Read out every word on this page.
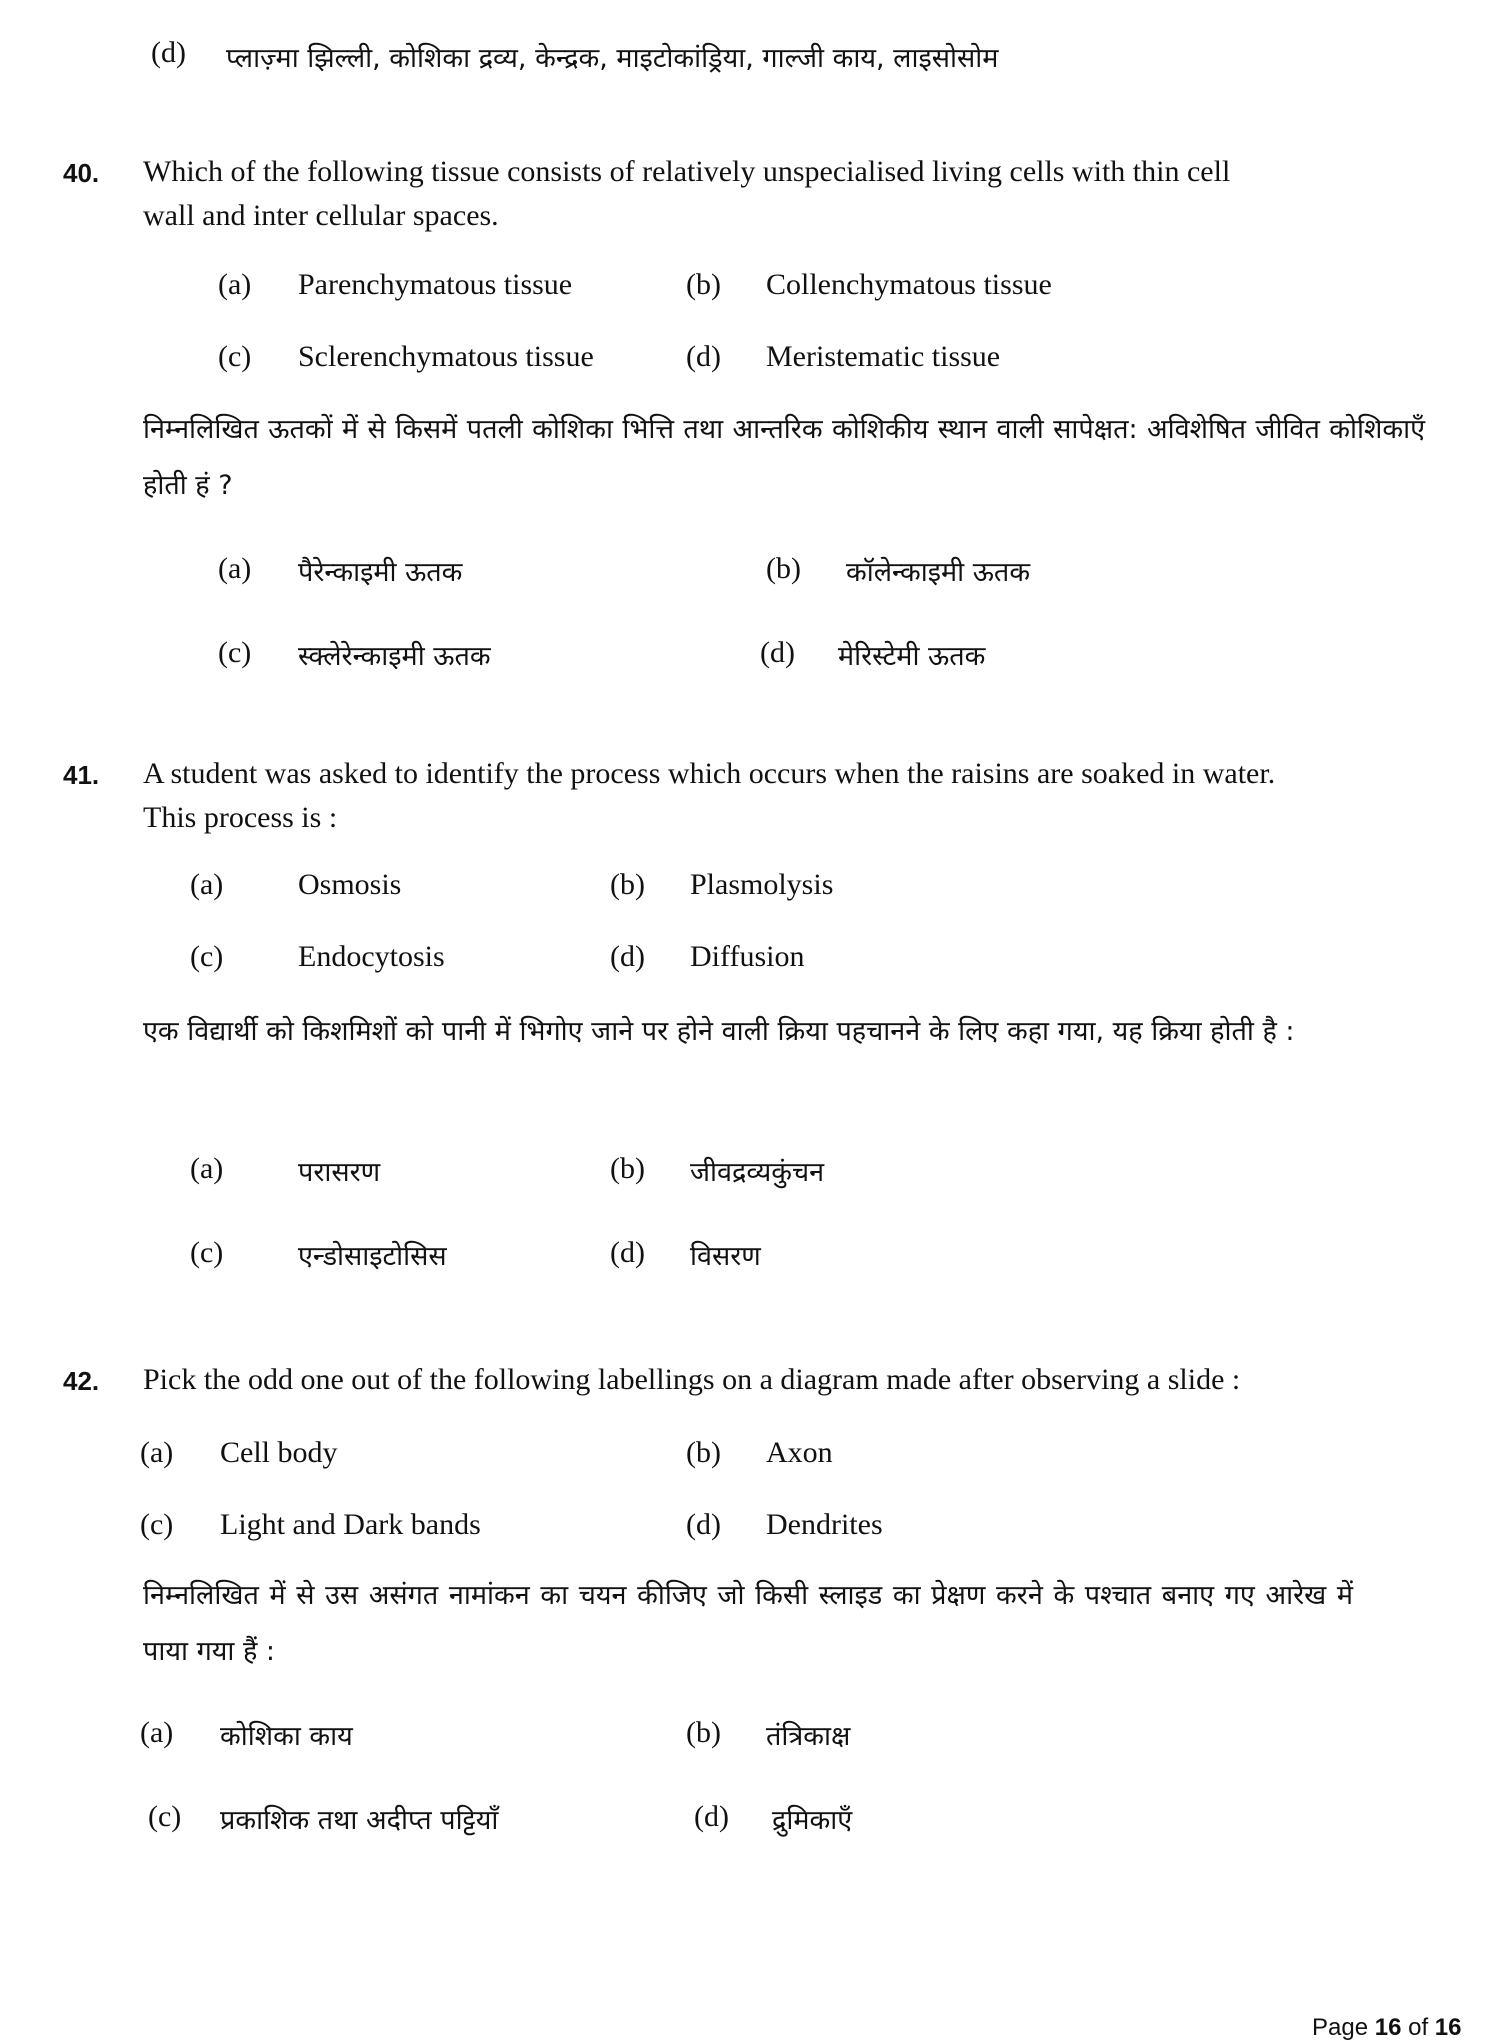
(d) प्लाज़्मा झिल्ली, कोशिका द्रव्य, केन्द्रक, माइटोकांड्रिया, गाल्जी काय, लाइसोसोम
40. Which of the following tissue consists of relatively unspecialised living cells with thin cell
wall and inter cellular spaces.
(a) Parenchymatous tissue	(b) Collenchymatous tissue
(c) Sclerenchymatous tissue	(d) Meristematic tissue
निम्नलिखित ऊतकों में से किसमें पतली कोशिका भित्ति तथा आन्तरिक कोशिकीय स्थान वाली सापेक्षत: अविशेषित जीवित कोशिकाएँ होती हं ?
(a) पैरेन्काइमी ऊतक	(b) कॉलेन्काइमी ऊतक
(c) स्क्लेरेन्काइमी ऊतक	(d) मेरिस्टेमी ऊतक
41. A student was asked to identify the process which occurs when the raisins are soaked in water.
This process is :
(a) Osmosis	(b) Plasmolysis
(c) Endocytosis	(d) Diffusion
एक विद्यार्थी को किशमिशों को पानी में भिगोए जाने पर होने वाली क्रिया पहचानने के लिए कहा गया, यह क्रिया होती है :
(a)	परासरण	(b) जीवद्रव्यकुंचन
(c)	एन्डोसाइटोसिस	(d) विसरण
42. Pick the odd one out of the following labellings on a diagram made after observing a slide :
(a) Cell body	(b) Axon
(c) Light and Dark bands	(d) Dendrites
निम्नलिखित में से उस असंगत नामांकन का चयन कीजिए जो किसी स्लाइड का प्रेक्षण करने के पश्चात बनाए गए आरेख में पाया गया हैं :
(a) कोशिका काय	(b) तंत्रिकाक्ष
(c) प्रकाशिक तथा अदीप्त पट्टियाँ	(d) द्रुमिकाएँ
Page 16 of 16
